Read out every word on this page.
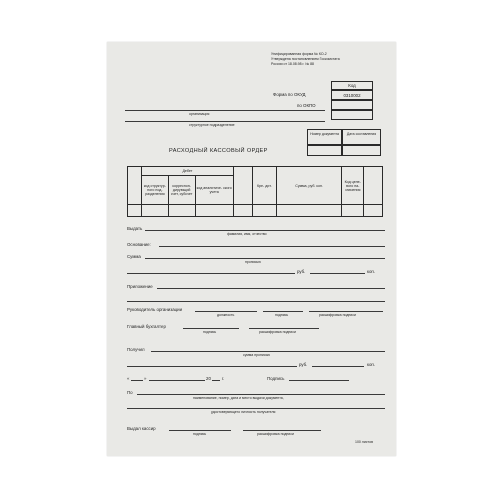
Унифицированная форма № КО-2
Утверждена постановлением Госкомстата
России от 18.08.98 г. № 88
Код
0310002
Форма по ОКУД
по ОКПО
организация
структурное подразделение
Номер документа	Дата составления
РАСХОДНЫЙ КАССОВЫЙ ОРДЕР
	Дебет				Кре- дит.	Сумма, руб. коп.	Код целе- вого на- значения	
	код структур- ного под- разделения	корреспон- дирующий счет, субсчет	код аналитиче- ского учета					

Выдать
фамилия, имя, отчество
Основание:
Сумма
прописью
руб.	коп.
Приложение
Руководитель организации
должность	подпись	расшифровка подписи
Главный бухгалтер
подпись	расшифровка подписи
Получил
сумма прописью
руб.	коп.
«	»	20	г.	Подпись
По
наименование, номер, дата и место выдачи документа,
удостоверяющего личность получателя
Выдал кассир
подпись	расшифровка подписи
100 листов
